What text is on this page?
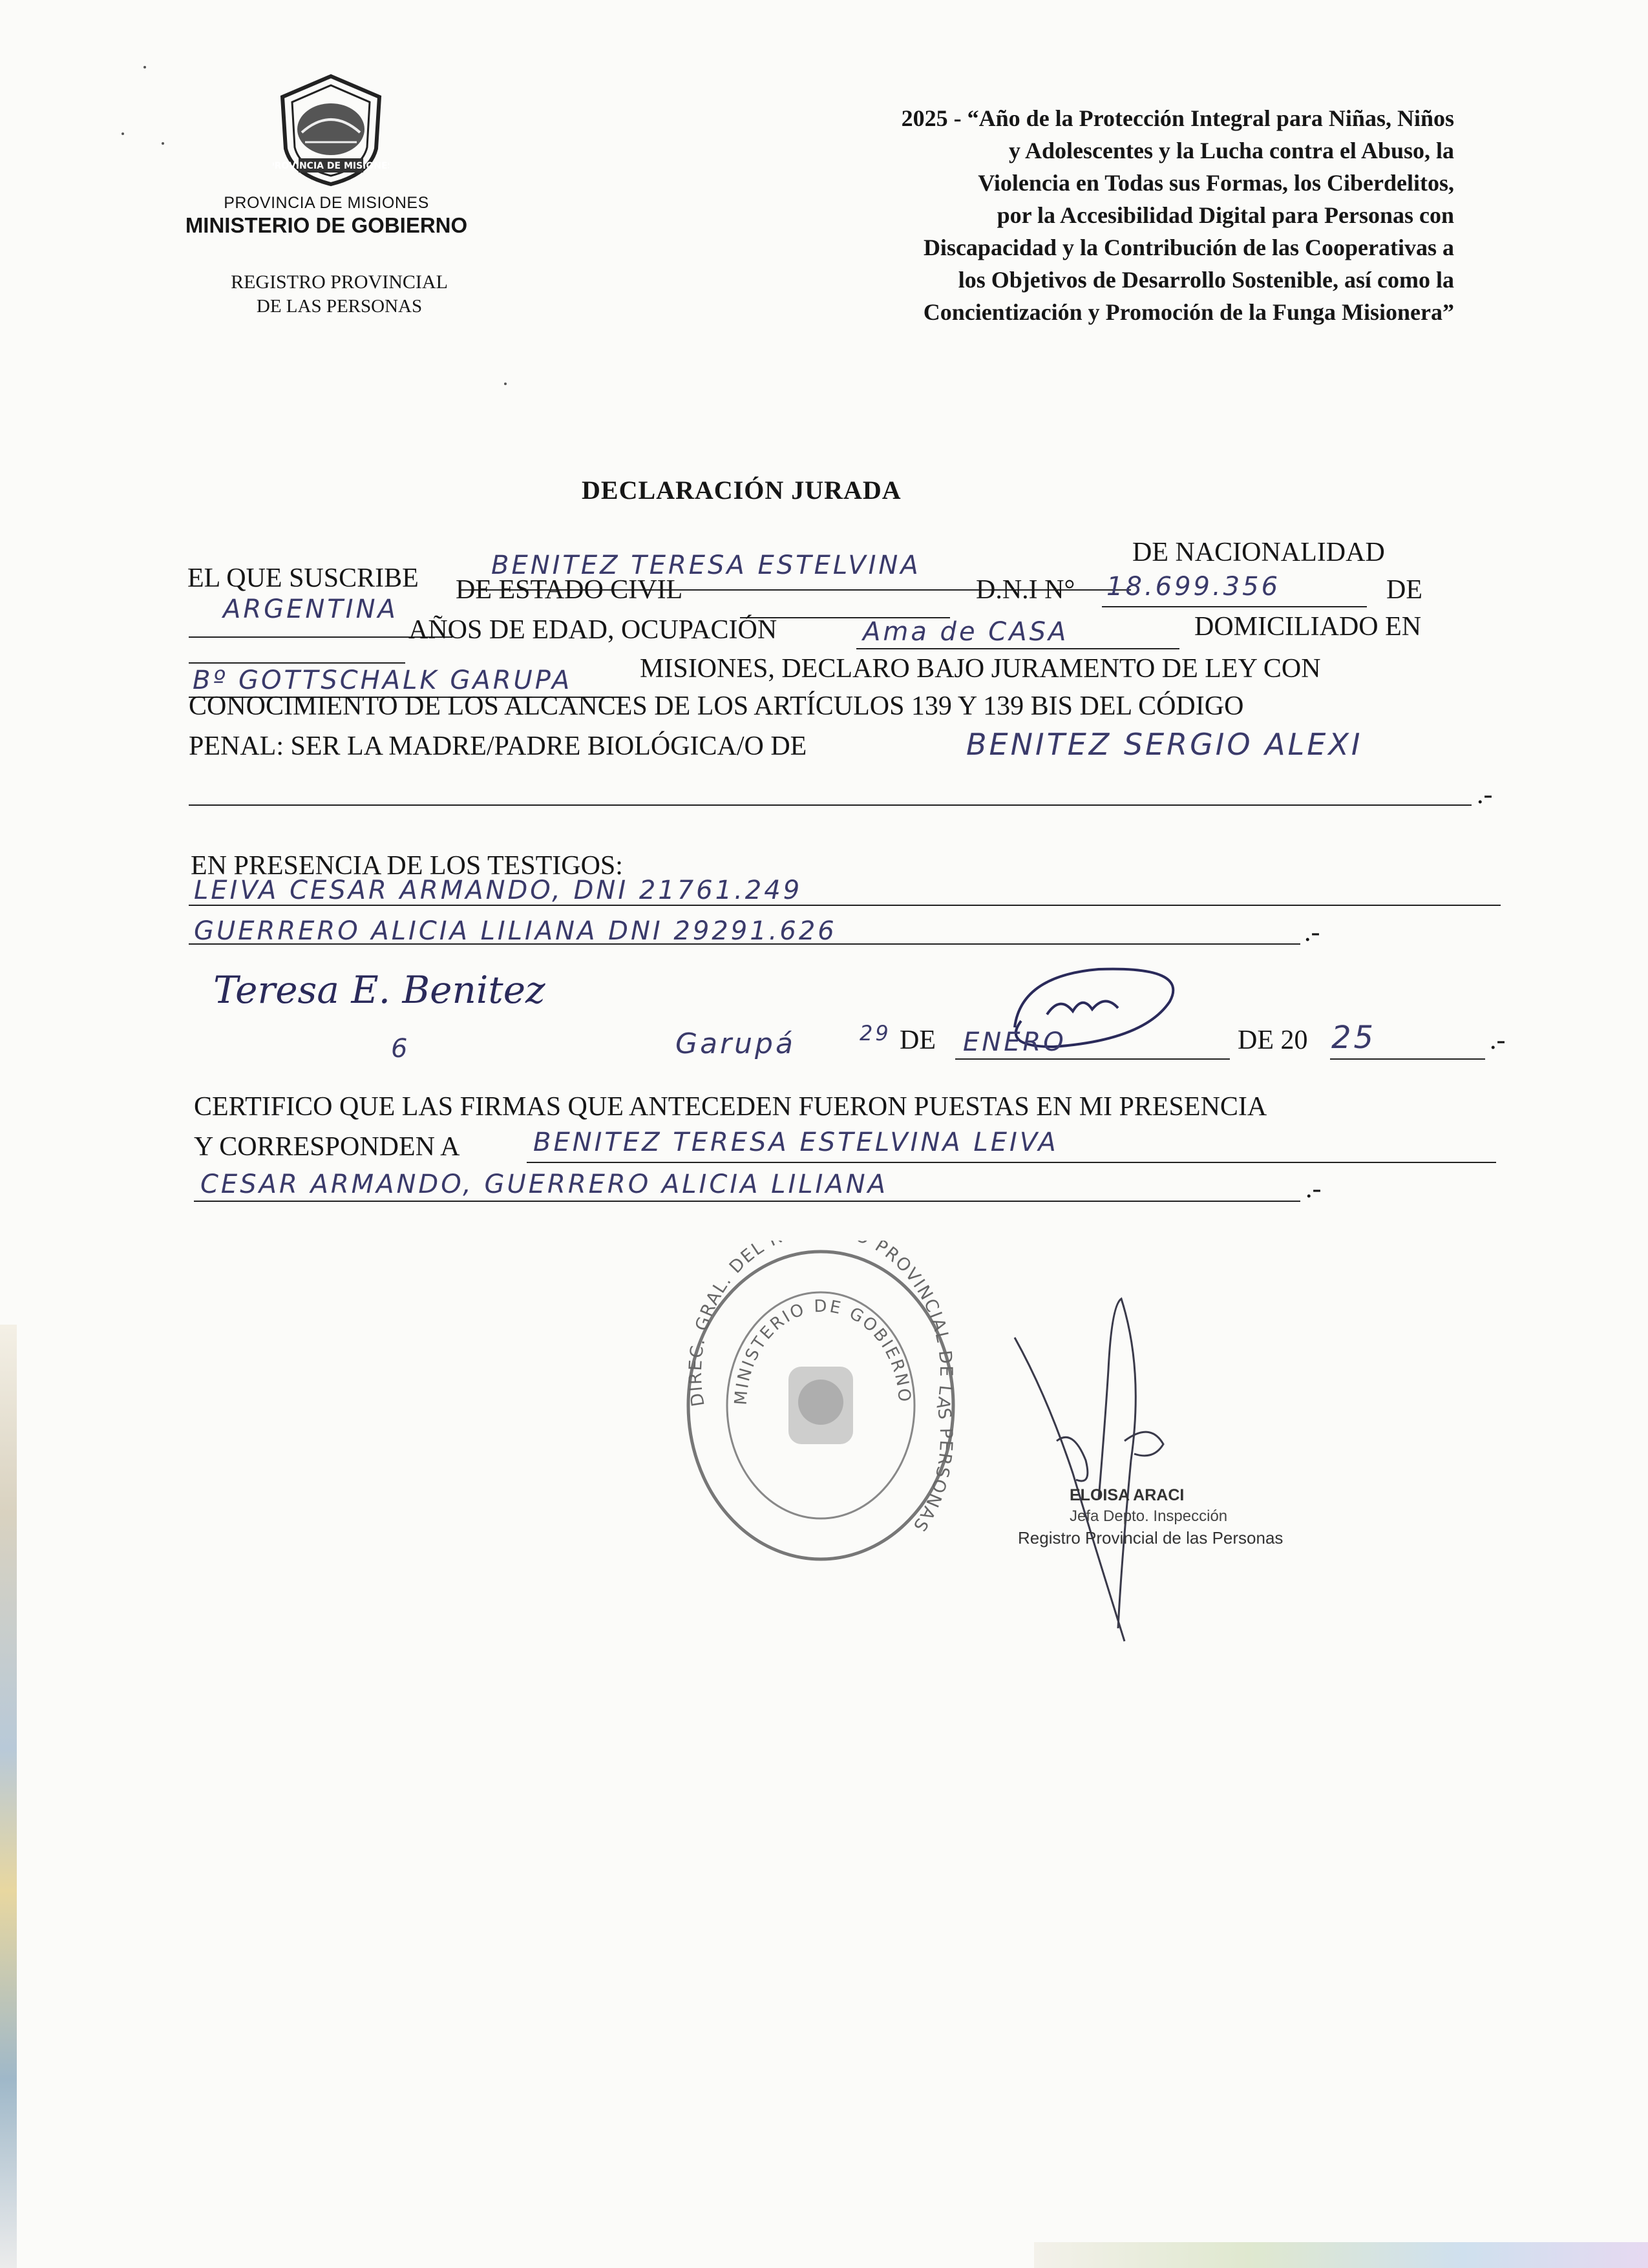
PROVINCIA DE MISIONES
PROVINCIA DE MISIONES
MINISTERIO DE GOBIERNO
REGISTRO PROVINCIAL
DE LAS PERSONAS
2025 - “Año de la Protección Integral para Niñas, Niños
y Adolescentes y la Lucha contra el Abuso, la
Violencia en Todas sus Formas, los Ciberdelitos,
por la Accesibilidad Digital para Personas con
Discapacidad y la Contribución de las Cooperativas a
los Objetivos de Desarrollo Sostenible, así como la
Concientización y Promoción de la Funga Misionera”
DECLARACIÓN JURADA
EL QUE SUSCRIBE	BENITEZ TERESA ESTELVINA	DE NACIONALIDAD
ARGENTINA
DE ESTADO CIVIL	D.N.I N° 18.699.356	DE
AÑOS DE EDAD, OCUPACIÓN	Ama de CASA	DOMICILIADO EN
Bº GOTTSCHALK GARUPA MISIONES, DECLARO BAJO JURAMENTO DE LEY CON
CONOCIMIENTO DE LOS ALCANCES DE LOS ARTÍCULOS 139 Y 139 BIS DEL CÓDIGO
PENAL: SER LA MADRE/PADRE BIOLÓGICA/O DE	BENITEZ SERGIO ALEXI
.-
EN PRESENCIA DE LOS TESTIGOS:
LEIVA CESAR ARMANDO, DNI 21761.249
GUERRERO ALICIA LILIANA DNI 29291.626	.-
Teresa E. Benitez
6	Garupá	29 DE ENERO	DE 20 25	.-
CERTIFICO QUE LAS FIRMAS QUE ANTECEDEN FUERON PUESTAS EN MI PRESENCIA
Y CORRESPONDEN A	BENITEZ TERESA ESTELVINA LEIVA
CESAR ARMANDO, GUERRERO ALICIA LILIANA	.-
DIREC. GRAL. DEL PROVINCIAL DE LAS PERSONAS
MINISTERIO DE GOBIERNO
ELOISA ARACI
Jefa Depto. Inspección
Registro Provincial de las Personas
